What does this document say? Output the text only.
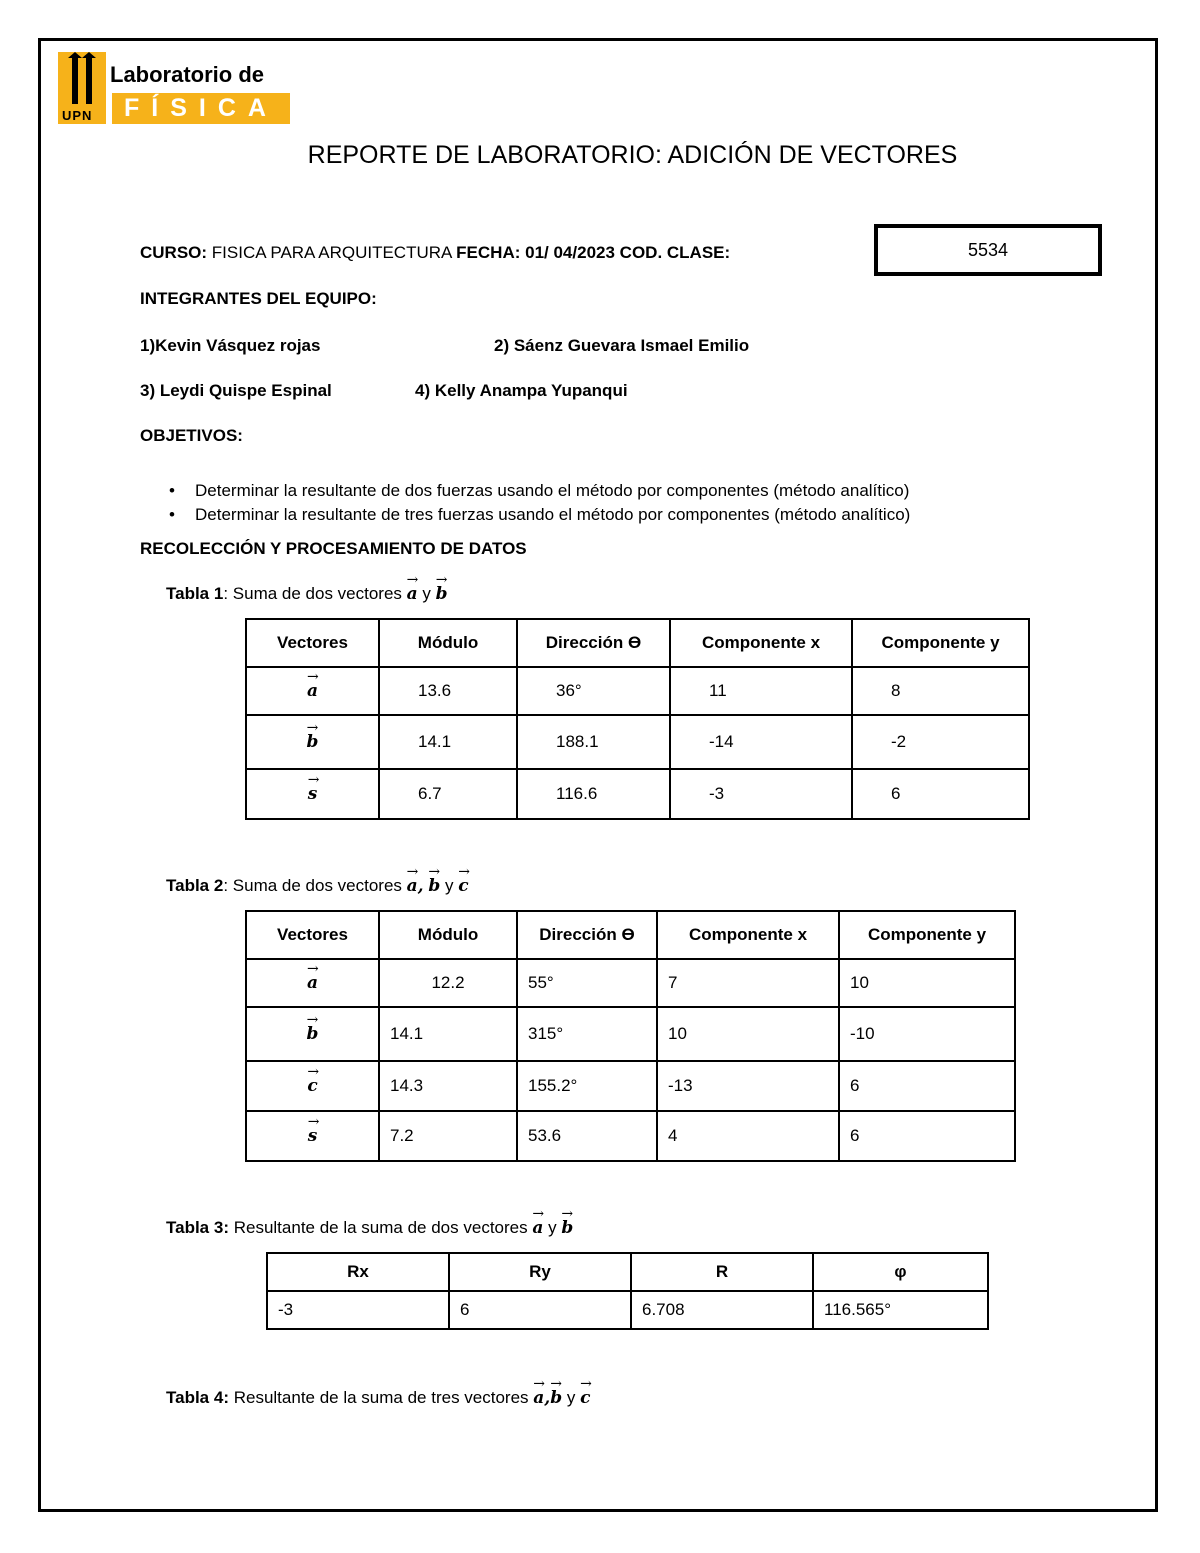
UPN
Laboratorio de
FÍSICA
REPORTE DE LABORATORIO: ADICIÓN DE VECTORES
CURSO: FISICA PARA ARQUITECTURA FECHA: 01/ 04/2023 COD. CLASE:	5534
INTEGRANTES DEL EQUIPO:
1)Kevin Vásquez rojas	2) Sáenz Guevara Ismael Emilio
3) Leydi Quispe Espinal	4) Kelly Anampa Yupanqui
OBJETIVOS:
• Determinar la resultante de dos fuerzas usando el método por componentes (método analítico)
• Determinar la resultante de tres fuerzas usando el método por componentes (método analítico)
RECOLECCIÓN Y PROCESAMIENTO DE DATOS
Tabla 1: Suma de dos vectores
→
a y
→
b
Vectores	Módulo	Dirección ϴ	Componente x	Componente y

→
a	13.6	36°	11	8

→
b	14.1	188.1	-14	-2

→
s	6.7	116.6	-3	6
Tabla 2: Suma de dos vectores
→
a,
→
b y
→
c
Vectores	Módulo	Dirección ϴ	Componente x	Componente y

→
a	12.2	55°	7	10

→
b	14.1	315°	10	-10

→
c	14.3	155.2°	-13	6

→
s	7.2	53.6	4	6
Tabla 3: Resultante de la suma de dos vectores
→
a y
→
b
Rx	Ry	R	φ
-3	6	6.708	116.565°
Tabla 4: Resultante de la suma de tres vectores
→
a,
→
b y
→
c
